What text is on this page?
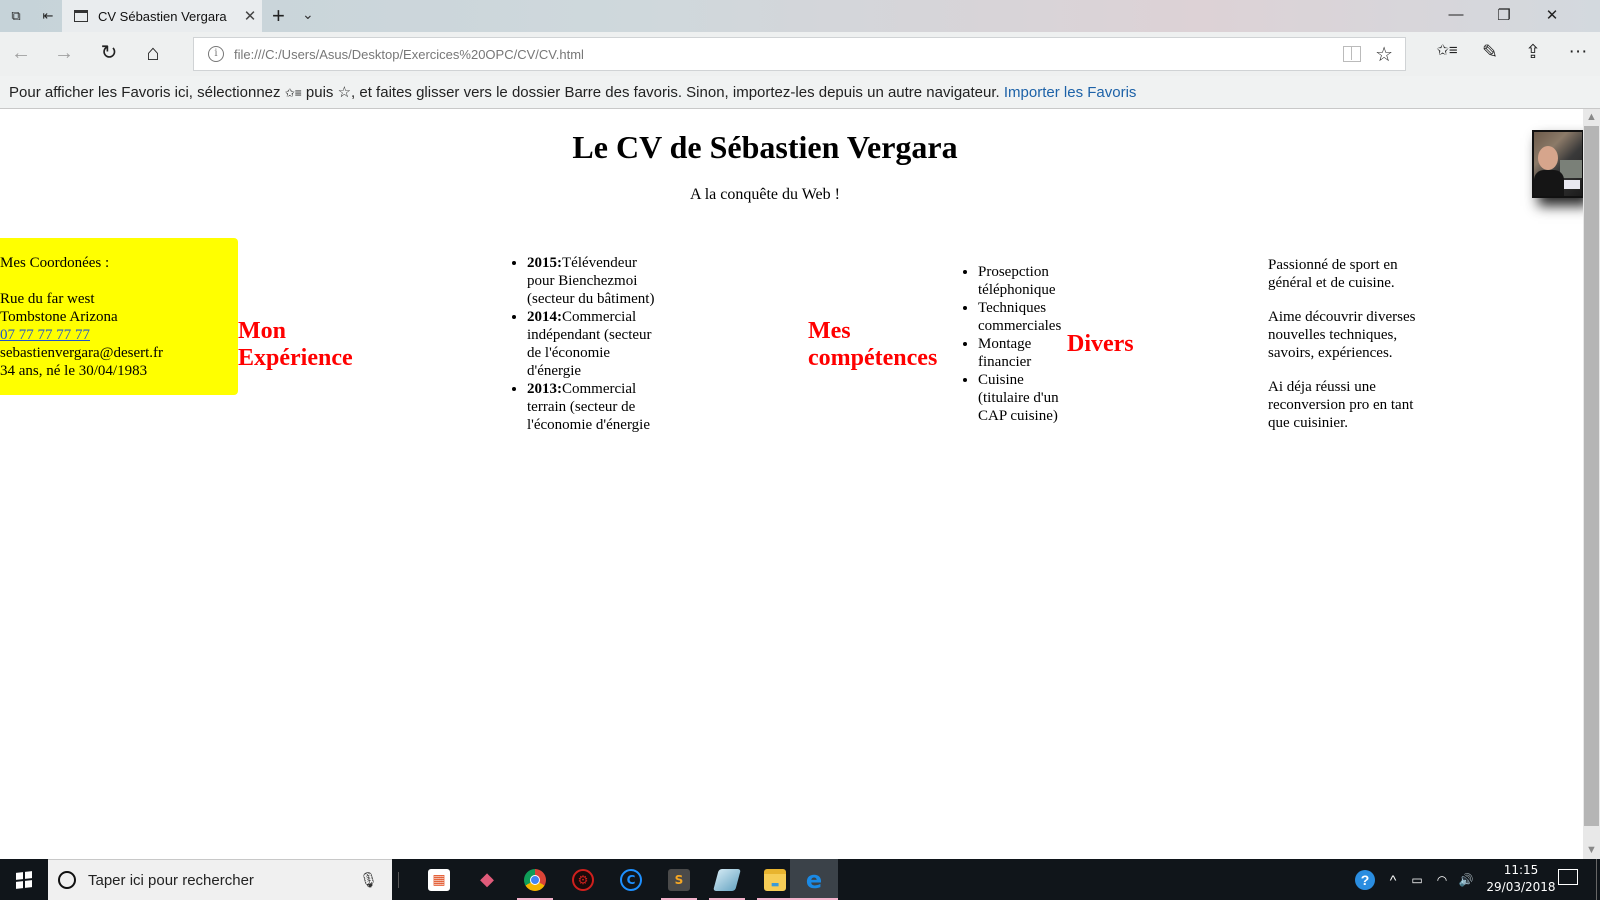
⧉ ⇤	CV Sébastien Vergara	✕ + ⌄	—	❐	✕
← → ↻ ⌂	i	file:///C:/Users/Asus/Desktop/Exercices%20OPC/CV/CV.html	☆	✩≡ ✎ ⇪ ···
Pour afficher les Favoris ici, sélectionnez ✩≡ puis ☆, et faites glisser vers le dossier Barre des favoris. Sinon, importez-les depuis un autre navigateur. Importer les Favoris
Le CV de Sébastien Vergara

A la conquête du Web !

Mes Coordonées :
Rue du far west
Tombstone Arizona
07 77 77 77 77
sebastienvergara@desert.fr
34 ans, né le 30/04/1983
Mon
Expérience
• 2015:Télévendeur pour Bienchezmoi (secteur du bâtiment)
• 2014:Commercial indépendant (secteur de l'économie d'énergie
• 2013:Commercial terrain (secteur de l'économie d'énergie
Mes
compétences
• Prosepction téléphonique
• Techniques commerciales
• Montage financier
• Cuisine (titulaire d'un CAP cuisine)
Divers

Passionné de sport en général et de cuisine.

Aime découvrir diverses nouvelles techniques, savoirs, expériences.

Ai déja réussi une reconversion pro en tant que cuisinier.

▲
▼
Taper ici pour rechercher	🎙	▦ ◆	⚙	C	S	▬ e	?	^	▭	◠ 🔊
11:15
29/03/2018
